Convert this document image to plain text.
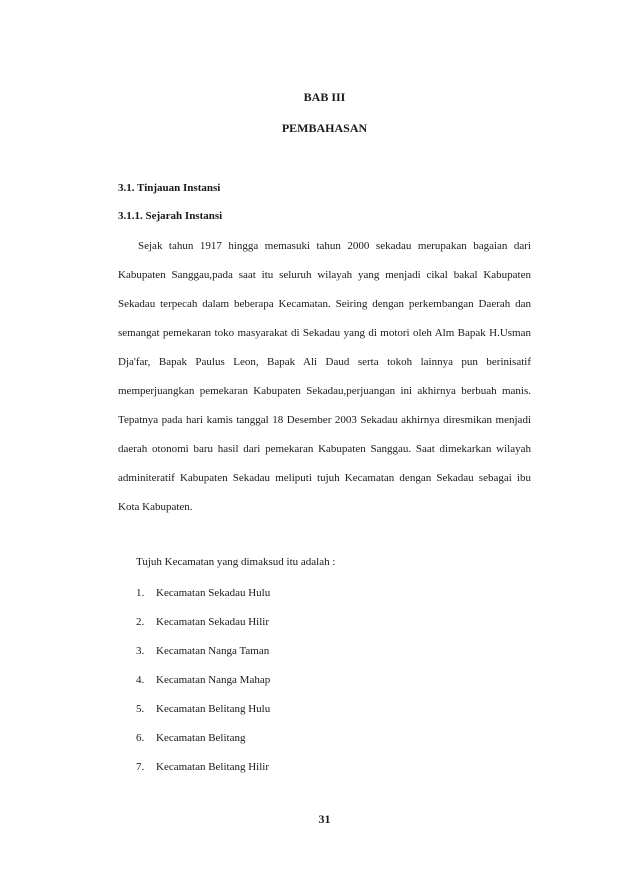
BAB III
PEMBAHASAN
3.1. Tinjauan Instansi
3.1.1. Sejarah Instansi

Sejak tahun 1917 hingga memasuki tahun 2000 sekadau merupakan bagaian dari Kabupaten Sanggau,pada saat itu seluruh wilayah yang menjadi cikal bakal Kabupaten Sekadau terpecah dalam beberapa Kecamatan. Seiring dengan perkembangan Daerah dan semangat pemekaran toko masyarakat di Sekadau yang di motori oleh Alm Bapak H.Usman Dja'far, Bapak Paulus Leon, Bapak Ali Daud serta tokoh lainnya pun berinisatif memperjuangkan pemekaran Kabupaten Sekadau,perjuangan ini akhirnya berbuah manis. Tepatnya pada hari kamis tanggal 18 Desember 2003 Sekadau akhirnya diresmikan menjadi daerah otonomi baru hasil dari pemekaran Kabupaten Sanggau. Saat dimekarkan wilayah adminiteratif Kabupaten Sekadau meliputi tujuh Kecamatan dengan Sekadau sebagai ibu Kota Kabupaten.

Tujuh Kecamatan yang dimaksud itu adalah :

1. Kecamatan Sekadau Hulu
2. Kecamatan Sekadau Hilir
3. Kecamatan Nanga Taman
4. Kecamatan Nanga Mahap
5. Kecamatan Belitang Hulu
6. Kecamatan Belitang
7. Kecamatan Belitang Hilir
31
